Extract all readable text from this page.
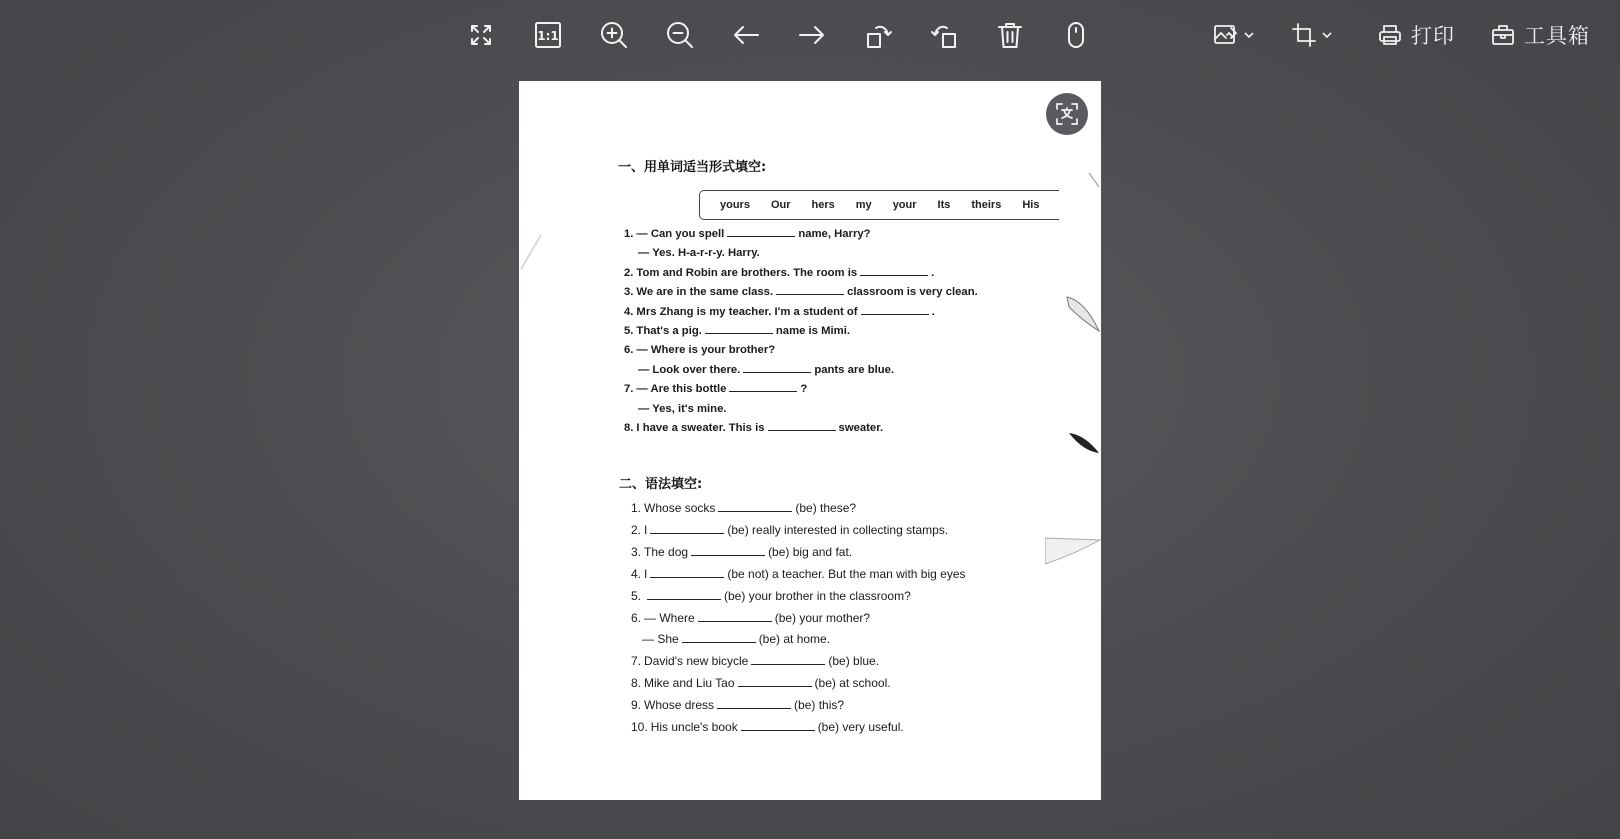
1:1	打印	工具箱
一、用单词适当形式填空:
yours Our hers my your Its theirs His
1. — Can you spell	name, Harry?
— Yes. H-a-r-r-y. Harry.
2. Tom and Robin are brothers. The room is	.
3. We are in the same class.	classroom is very clean.
4. Mrs Zhang is my teacher. I'm a student of	.
5. That's a pig.	name is Mimi.
6. — Where is your brother?
— Look over there.	pants are blue.
7. — Are this bottle	?
— Yes, it's mine.
8. I have a sweater. This is	sweater.
二、语法填空:
1. Whose socks	(be) these?
2. I	(be) really interested in collecting stamps.
3. The dog	(be) big and fat.
4. I	(be not) a teacher. But the man with big eyes
5.	(be) your brother in the classroom?
6. — Where	(be) your mother?
— She	(be) at home.
7. David's new bicycle	(be) blue.
8. Mike and Liu Tao	(be) at school.
9. Whose dress	(be) this?
10. His uncle's book	(be) very useful.
